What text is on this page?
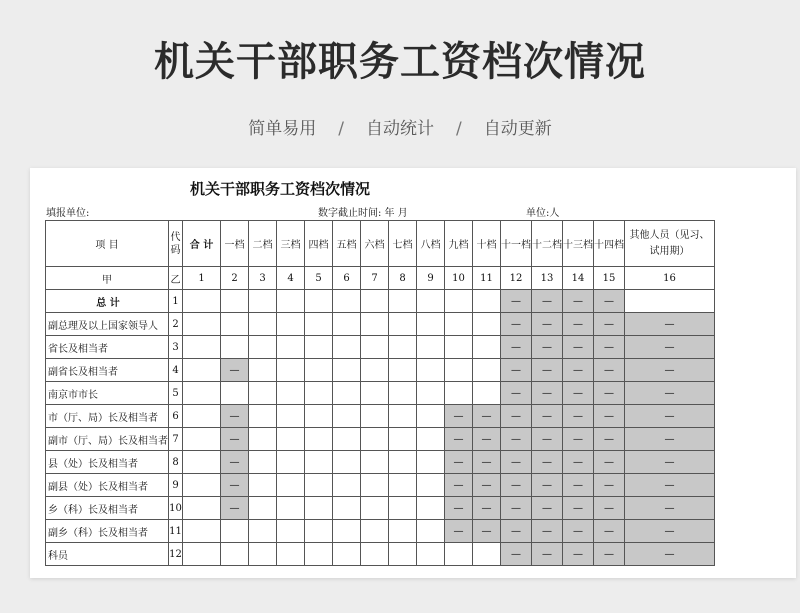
机关干部职务工资档次情况
简单易用 / 自动统计 / 自动更新
机关干部职务工资档次情况
填报单位:	数字截止时间: 年 月	单位:人
项 目	代码	合 计	一档	二档	三档	四档	五档	六档	七档	八档	九档	十档	十一档	十二档	十三档	十四档	其他人员（见习、试用期）
甲	乙	1	2	3	4	5	6	7	8	9	10	11	12	13	14	15	16
总 计	1												—	—	—	—	
副总理及以上国家领导人	2												—	—	—	—	—
省长及相当者	3												—	—	—	—	—
副省长及相当者	4		—										—	—	—	—	—
南京市市长	5												—	—	—	—	—
市（厅、局）长及相当者	6		—								—	—	—	—	—	—	—
副市（厅、局）长及相当者	7		—								—	—	—	—	—	—	—
县（处）长及相当者	8		—								—	—	—	—	—	—	—
副县（处）长及相当者	9		—								—	—	—	—	—	—	—
乡（科）长及相当者	10		—								—	—	—	—	—	—	—
副乡（科）长及相当者	11										—	—	—	—	—	—	—
科员	12												—	—	—	—	—
